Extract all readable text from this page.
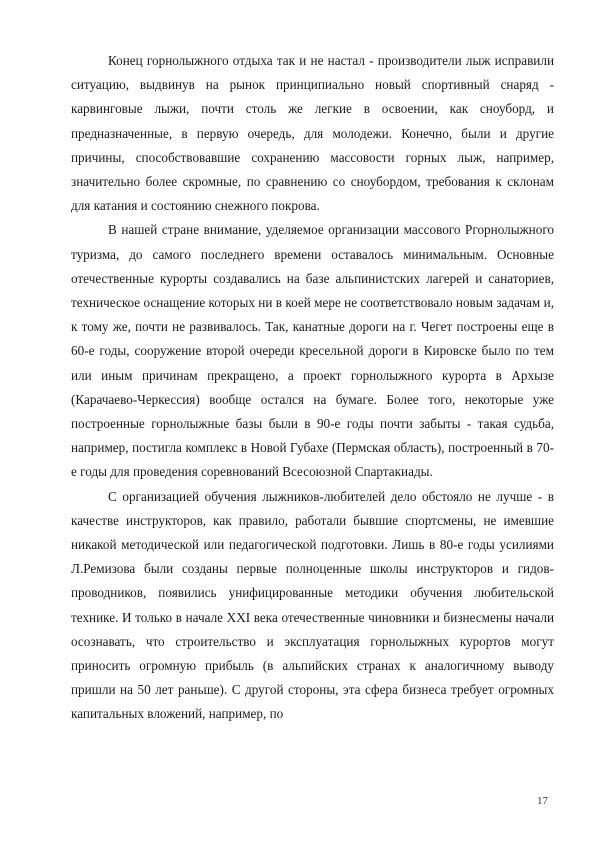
Конец горнолыжного отдыха так и не настал - производители лыж исправили ситуацию, выдвинув на рынок принципиально новый спортивный снаряд - карвинговые лыжи, почти столь же легкие в освоении, как сноуборд, и предназначенные, в первую очередь, для молодежи. Конечно, были и другие причины, способствовавшие сохранению массовости горных лыж, например, значительно более скромные, по сравнению со сноубордом, требования к склонам для катания и состоянию снежного покрова.

В нашей стране внимание, уделяемое организации массового Ргорнолыжного туризма, до самого последнего времени оставалось минимальным. Основные отечественные курорты создавались на базе альпинистских лагерей и санаториев, техническое оснащение которых ни в коей мере не соответствовало новым задачам и, к тому же, почти не развивалось. Так, канатные дороги на г. Чегет построены еще в 60-е годы, сооружение второй очереди кресельной дороги в Кировске было по тем или иным причинам прекращено, а проект горнолыжного курорта в Архызе (Карачаево-Черкессия) вообще остался на бумаге. Более того, некоторые уже построенные горнолыжные базы были в 90-е годы почти забыты - такая судьба, например, постигла комплекс в Новой Губахе (Пермская область), построенный в 70-е годы для проведения соревнований Всесоюзной Спартакиады.

С организацией обучения лыжников-любителей дело обстояло не лучше - в качестве инструкторов, как правило, работали бывшие спортсмены, не имевшие никакой методической или педагогической подготовки. Лишь в 80-е годы усилиями Л.Ремизова были созданы первые полноценные школы инструкторов и гидов-проводников, появились унифицированные методики обучения любительской технике. И только в начале XXI века отечественные чиновники и бизнесмены начали осознавать, что строительство и эксплуатация горнолыжных курортов могут приносить огромную прибыль (в альпийских странах к аналогичному выводу пришли на 50 лет раньше). С другой стороны, эта сфера бизнеса требует огромных капитальных вложений, например, по

17
